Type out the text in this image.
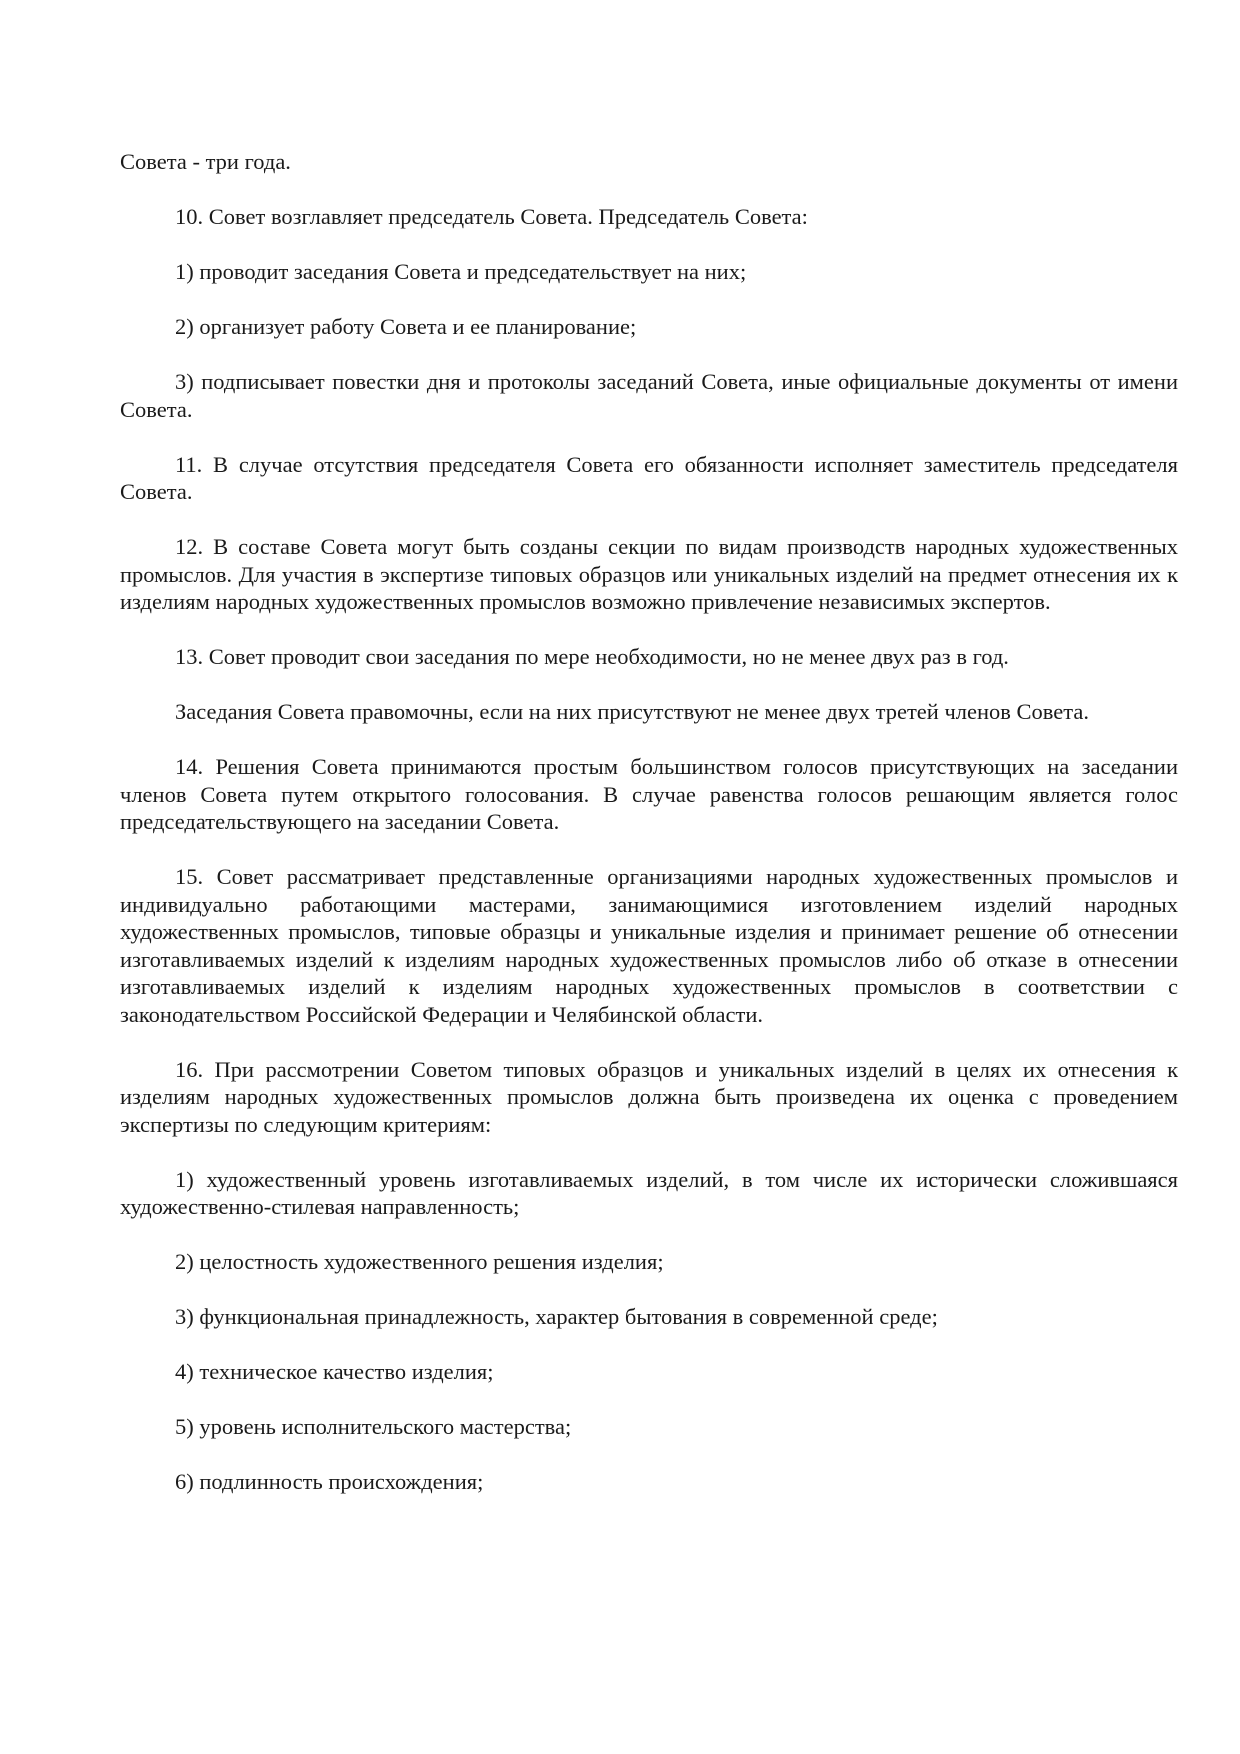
Совета - три года.

10. Совет возглавляет председатель Совета. Председатель Совета:

1) проводит заседания Совета и председательствует на них;

2) организует работу Совета и ее планирование;

3) подписывает повестки дня и протоколы заседаний Совета, иные официальные документы от имени Совета.

11. В случае отсутствия председателя Совета его обязанности исполняет заместитель председателя Совета.

12. В составе Совета могут быть созданы секции по видам производств народных художественных промыслов. Для участия в экспертизе типовых образцов или уникальных изделий на предмет отнесения их к изделиям народных художественных промыслов возможно привлечение независимых экспертов.

13. Совет проводит свои заседания по мере необходимости, но не менее двух раз в год.

Заседания Совета правомочны, если на них присутствуют не менее двух третей членов Совета.

14. Решения Совета принимаются простым большинством голосов присутствующих на заседании членов Совета путем открытого голосования. В случае равенства голосов решающим является голос председательствующего на заседании Совета.

15. Совет рассматривает представленные организациями народных художественных промыслов и индивидуально работающими мастерами, занимающимися изготовлением изделий народных художественных промыслов, типовые образцы и уникальные изделия и принимает решение об отнесении изготавливаемых изделий к изделиям народных художественных промыслов либо об отказе в отнесении изготавливаемых изделий к изделиям народных художественных промыслов в соответствии с законодательством Российской Федерации и Челябинской области.

16. При рассмотрении Советом типовых образцов и уникальных изделий в целях их отнесения к изделиям народных художественных промыслов должна быть произведена их оценка с проведением экспертизы по следующим критериям:

1) художественный уровень изготавливаемых изделий, в том числе их исторически сложившаяся художественно-стилевая направленность;

2) целостность художественного решения изделия;

3) функциональная принадлежность, характер бытования в современной среде;

4) техническое качество изделия;

5) уровень исполнительского мастерства;

6) подлинность происхождения;
